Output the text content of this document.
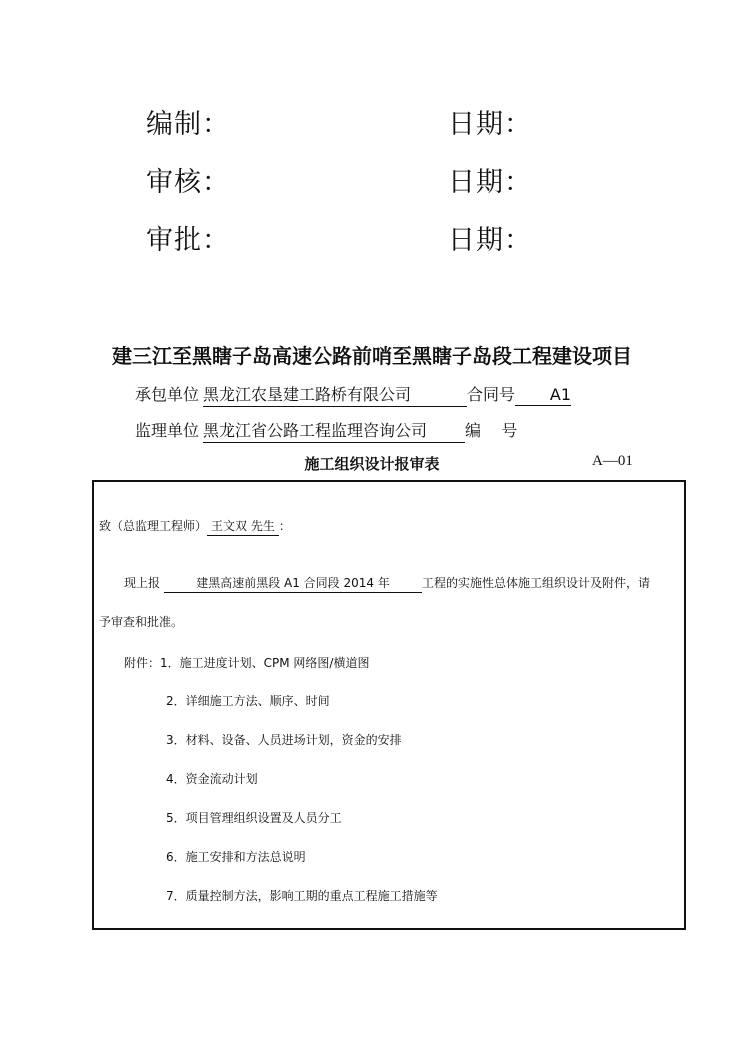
编制：	日期：
审核：	日期：
审批：	日期：
建三江至黑瞎子岛高速公路前哨至黑瞎子岛段工程建设项目
承包单位 黑龙江农垦建工路桥有限公司	合同号 A1
监理单位 黑龙江省公路工程监理咨询公司 编    号
施工组织设计报审表	A—01
致（总监理工程师） 王文双 先生 ：
现上报	建黑高速前黑段 A1 合同段 2014 年	工程的实施性总体施工组织设计及附件，请
予审查和批准。
附件：1．施工进度计划、CPM 网络图/横道图
2．详细施工方法、顺序、时间
3．材料、设备、人员进场计划，资金的安排
4．资金流动计划
5．项目管理组织设置及人员分工
6．施工安排和方法总说明
7．质量控制方法，影响工期的重点工程施工措施等
